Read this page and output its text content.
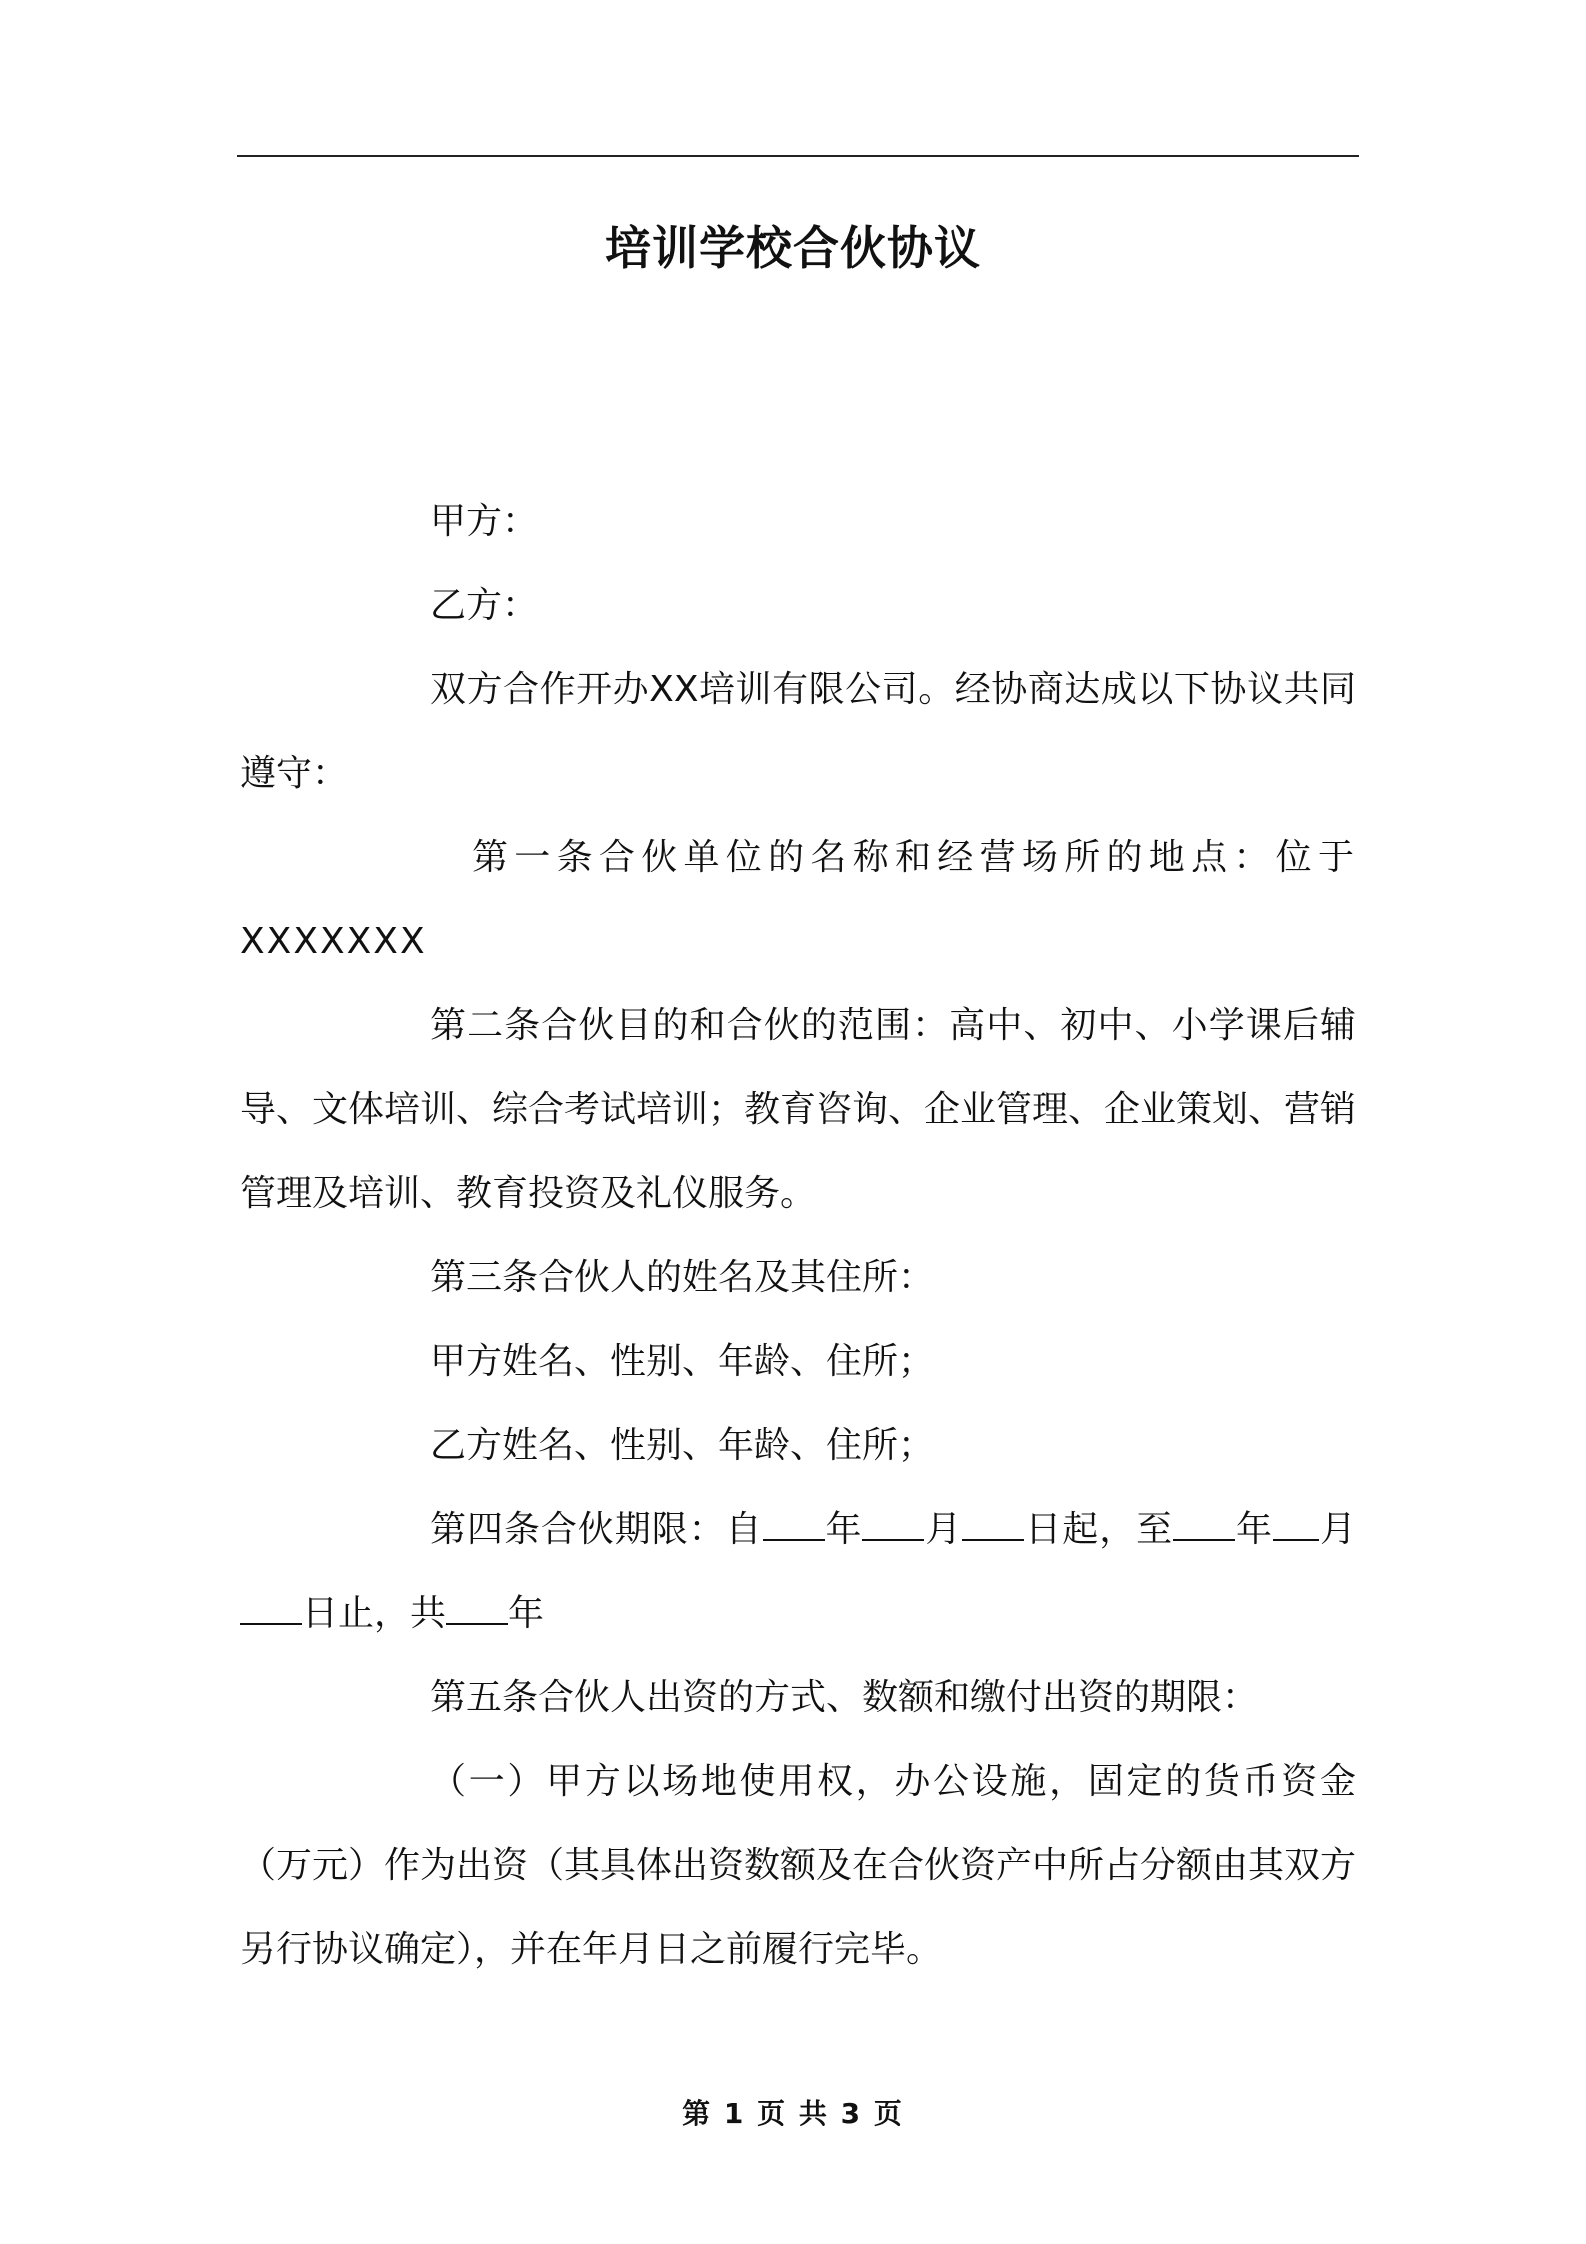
培训学校合伙协议

甲方：

乙方：

双方合作开办XX培训有限公司。经协商达成以下协议共同遵守：

第一条合伙单位的名称和经营场所的地点：位于XXXXXXX

第二条合伙目的和合伙的范围：高中、初中、小学课后辅导、文体培训、综合考试培训；教育咨询、企业管理、企业策划、营销管理及培训、教育投资及礼仪服务。

第三条合伙人的姓名及其住所：

甲方姓名、性别、年龄、住所；

乙方姓名、性别、年龄、住所；

第四条合伙期限：自 年 月 日起，至 年 月日止，共 年

第五条合伙人出资的方式、数额和缴付出资的期限：

（一）甲方以场地使用权，办公设施，固定的货币资金（万元）作为出资（其具体出资数额及在合伙资产中所占分额由其双方另行协议确定），并在年月日之前履行完毕。

第 1 页 共 3 页
